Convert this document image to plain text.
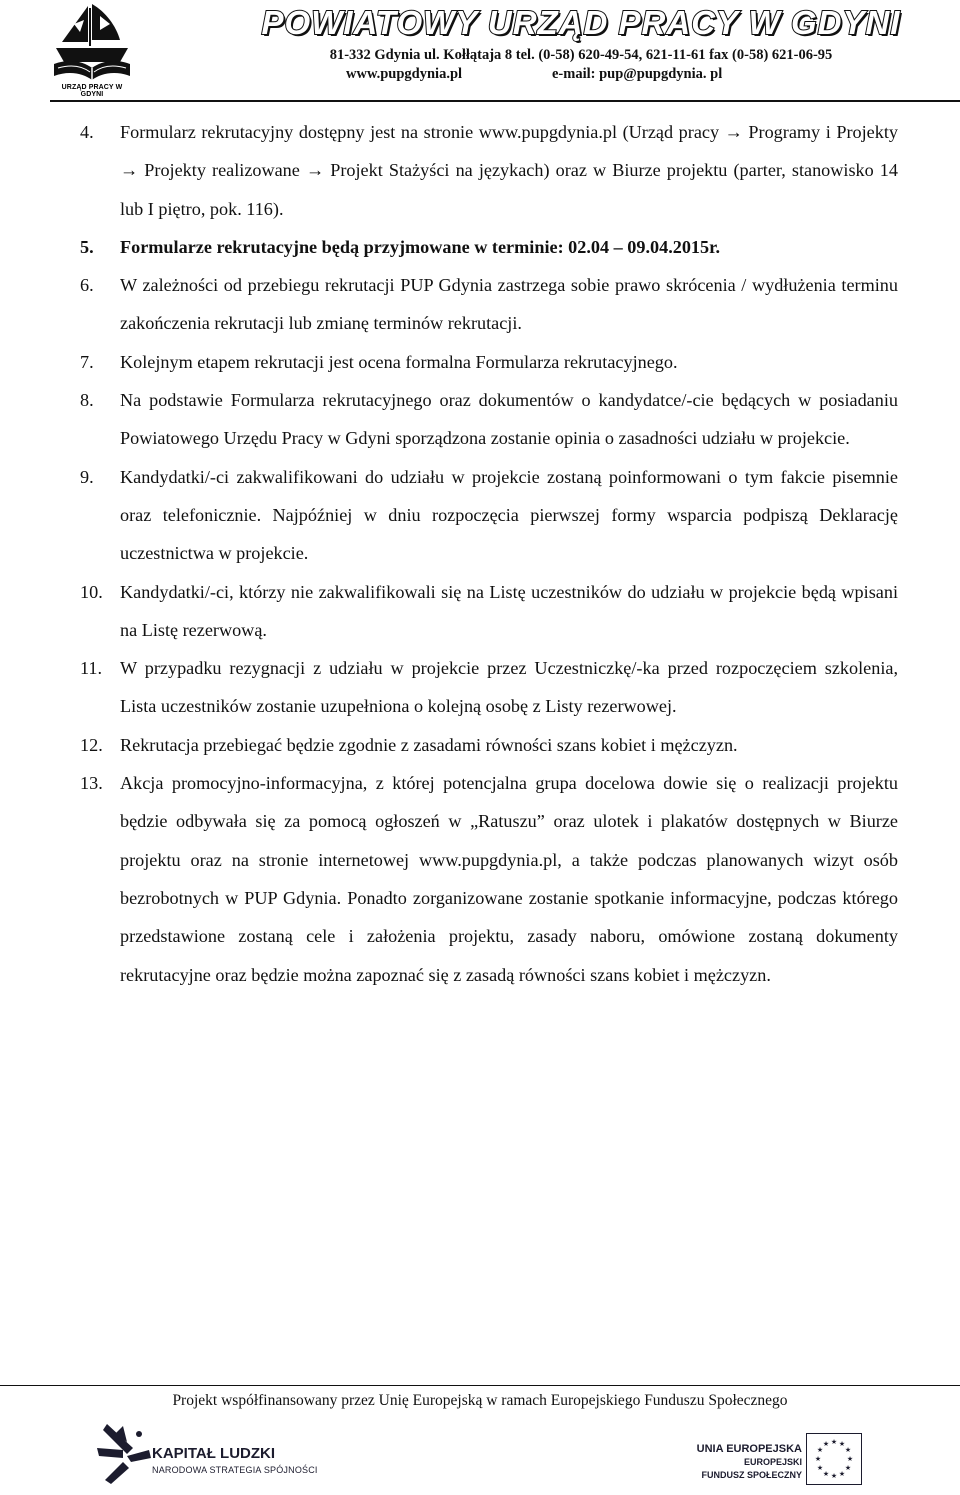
URZĄD PRACY W GDYNI
POWIATOWY URZĄD PRACY W GDYNI
81-332 Gdynia ul. Kołłątaja 8 tel. (0-58) 620-49-54, 621-11-61 fax (0-58) 621-06-95
www.pupgdynia.pl	e-mail: pup@pupgdynia. pl
4. Formularz rekrutacyjny dostępny jest na stronie www.pupgdynia.pl (Urząd pracy → Programy i Projekty → Projekty realizowane → Projekt Stażyści na językach) oraz w Biurze projektu (parter, stanowisko 14 lub I piętro, pok. 116).
5. Formularze rekrutacyjne będą przyjmowane w terminie: 02.04 – 09.04.2015r.
6. W zależności od przebiegu rekrutacji PUP Gdynia zastrzega sobie prawo skrócenia / wydłużenia terminu zakończenia rekrutacji lub zmianę terminów rekrutacji.
7. Kolejnym etapem rekrutacji jest ocena formalna Formularza rekrutacyjnego.
8. Na podstawie Formularza rekrutacyjnego oraz dokumentów o kandydatce/-cie będących w posiadaniu Powiatowego Urzędu Pracy w Gdyni sporządzona zostanie opinia o zasadności udziału w projekcie.
9. Kandydatki/-ci zakwalifikowani do udziału w projekcie zostaną poinformowani o tym fakcie pisemnie oraz telefonicznie. Najpóźniej w dniu rozpoczęcia pierwszej formy wsparcia podpiszą Deklarację uczestnictwa w projekcie.
10. Kandydatki/-ci, którzy nie zakwalifikowali się na Listę uczestników do udziału w projekcie będą wpisani na Listę rezerwową.
11. W przypadku rezygnacji z udziału w projekcie przez Uczestniczkę/-ka przed rozpoczęciem szkolenia, Lista uczestników zostanie uzupełniona o kolejną osobę z Listy rezerwowej.
12. Rekrutacja przebiegać będzie zgodnie z zasadami równości szans kobiet i mężczyzn.
13. Akcja promocyjno-informacyjna, z której potencjalna grupa docelowa dowie się o realizacji projektu będzie odbywała się za pomocą ogłoszeń w „Ratuszu” oraz ulotek i plakatów dostępnych w Biurze projektu oraz na stronie internetowej www.pupgdynia.pl, a także podczas planowanych wizyt osób bezrobotnych w PUP Gdynia. Ponadto zorganizowane zostanie spotkanie informacyjne, podczas którego przedstawione zostaną cele i założenia projektu, zasady naboru, omówione zostaną dokumenty rekrutacyjne oraz będzie można zapoznać się z zasadą równości szans kobiet i mężczyzn.
Projekt współfinansowany przez Unię Europejską w ramach Europejskiego Funduszu Społecznego
KAPITAŁ LUDZKI
NARODOWA STRATEGIA SPÓJNOŚCI
UNIA EUROPEJSKA
EUROPEJSKI
FUNDUSZ SPOŁECZNY
★ ★
★
★
★
★
★
★
★
★
★
★
